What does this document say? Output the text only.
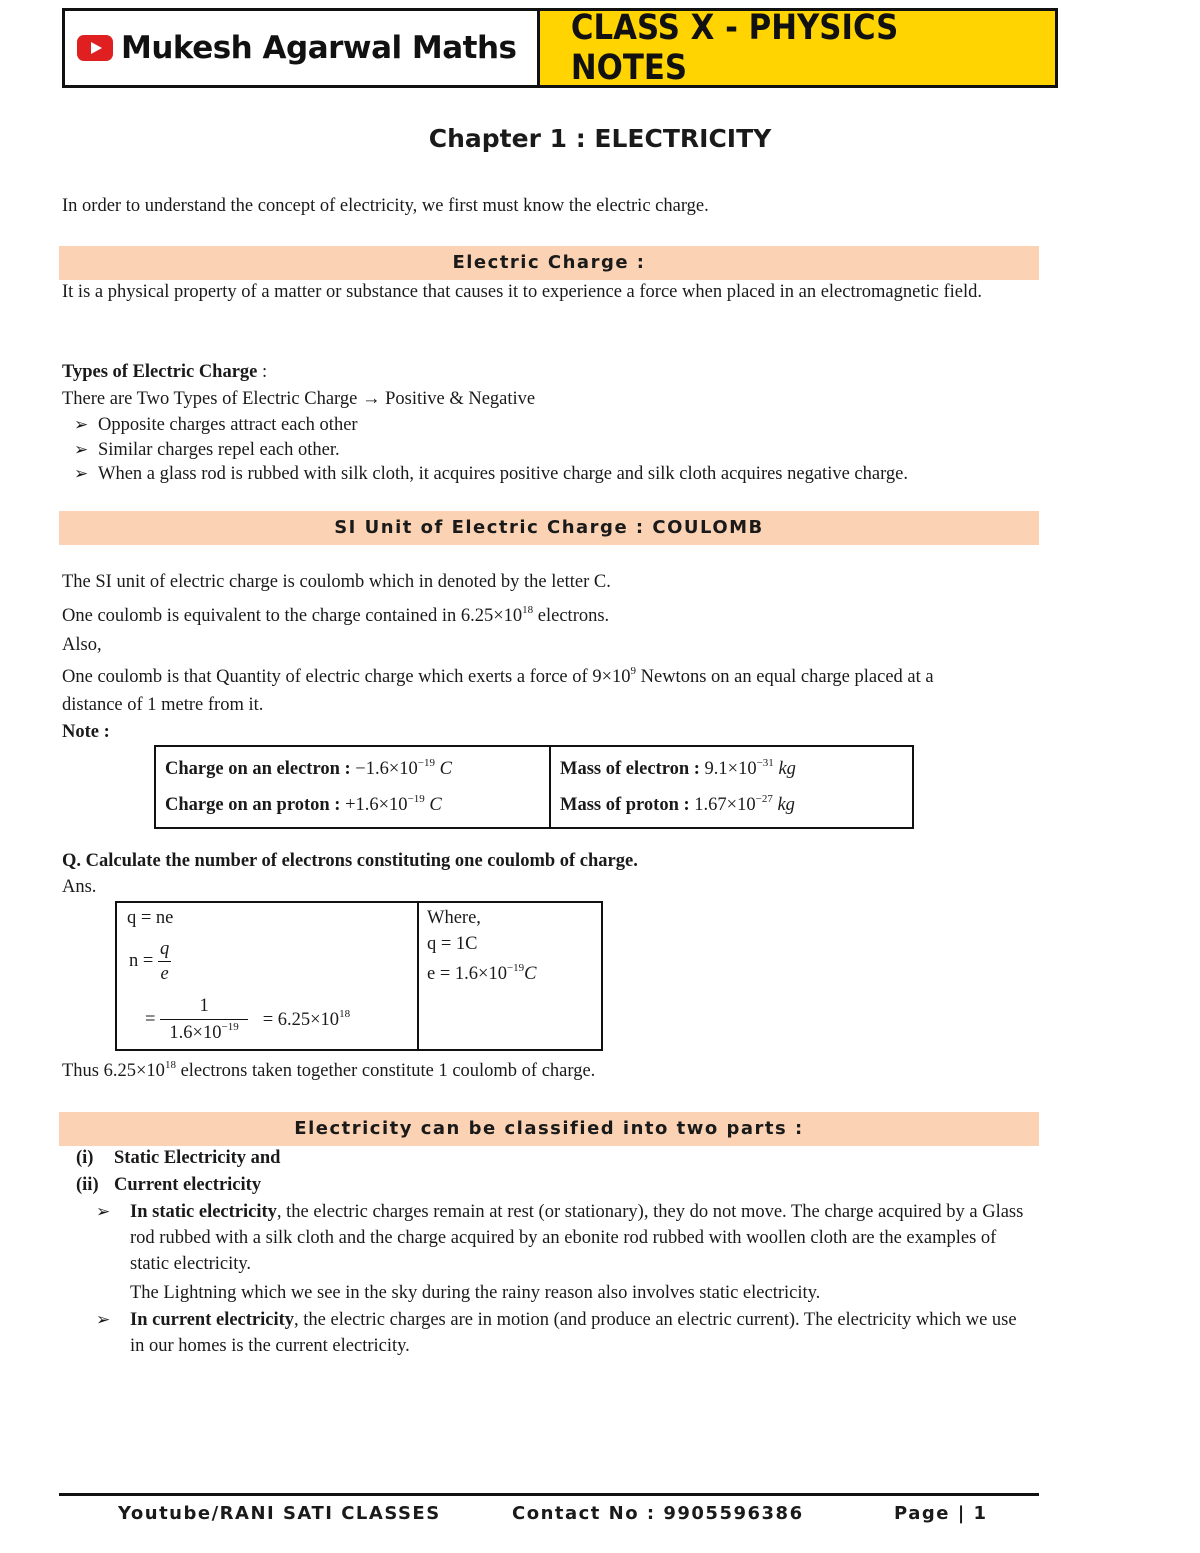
Mukesh Agarwal Maths CLASS X - PHYSICS NOTES
Chapter 1 : ELECTRICITY
In order to understand the concept of electricity, we first must know the electric charge.
Electric Charge :
It is a physical property of a matter or substance that causes it to experience a force when placed in an electromagnetic field.
Types of Electric Charge :
There are Two Types of Electric Charge → Positive & Negative
➢ Opposite charges attract each other
➢ Similar charges repel each other.
➢ When a glass rod is rubbed with silk cloth, it acquires positive charge and silk cloth acquires negative charge.
SI Unit of Electric Charge : COULOMB
The SI unit of electric charge is coulomb which in denoted by the letter C.
One coulomb is equivalent to the charge contained in $6.25\times 10^{18}$ electrons.
Also,
One coulomb is that Quantity of electric charge which exerts a force of $9\times 10^9$ Newtons on an equal charge placed at a
distance of 1 metre from it.
Note :
Charge on an electron : $-1.6\times 10^{-19}$ C
Charge on an proton : $+1.6\times 10^{-19}$ C

Mass of electron : $9.1\times 10^{-31}$ kg
Mass of proton : $1.67\times 10^{-27}$ kg
Q. Calculate the number of electrons constituting one coulomb of charge.
Ans.
q = ne
$n = \frac{q}{e}$
= $\frac{1}{1.6\times 10^{-19}} = 6.25\times 10^{18}$
Where,
q = 1C
$e = 1.6\times 10^{-19}C$
Thus $6.25\times 10^{18}$ electrons taken together constitute 1 coulomb of charge.
Electricity can be classified into two parts :
(i) Static Electricity and
(ii) Current electricity
➢ In static electricity, the electric charges remain at rest (or stationary), they do not move. The charge acquired by a Glass rod rubbed with a silk cloth and the charge acquired by an ebonite rod rubbed with woollen cloth are the examples of static electricity.
The Lightning which we see in the sky during the rainy reason also involves static electricity.
➢ In current electricity, the electric charges are in motion (and produce an electric current). The electricity which we use in our homes is the current electricity.
Youtube/RANI SATI CLASSES	Contact No : 9905596386	Page | 1
